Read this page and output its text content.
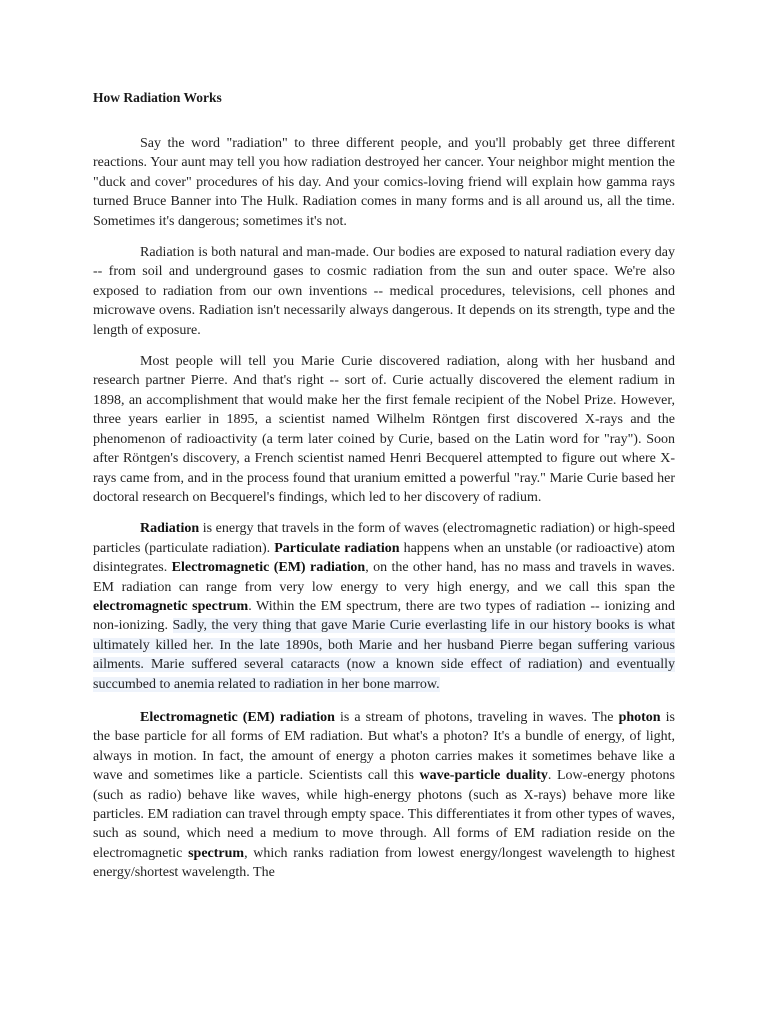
How Radiation Works

Say the word "radiation" to three different people, and you'll probably get three different reactions. Your aunt may tell you how radiation destroyed her cancer. Your neighbor might mention the "duck and cover" procedures of his day. And your comics-loving friend will explain how gamma rays turned Bruce Banner into The Hulk. Radiation comes in many forms and is all around us, all the time. Sometimes it's dangerous; sometimes it's not.

Radiation is both natural and man-made. Our bodies are exposed to natural radiation every day -- from soil and underground gases to cosmic radiation from the sun and outer space. We're also exposed to radiation from our own inventions -- medical procedures, televisions, cell phones and microwave ovens. Radiation isn't necessarily always dangerous. It depends on its strength, type and the length of exposure.

Most people will tell you Marie Curie discovered radiation, along with her husband and research partner Pierre. And that's right -- sort of. Curie actually discovered the element radium in 1898, an accomplishment that would make her the first female recipient of the Nobel Prize. However, three years earlier in 1895, a scientist named Wilhelm Röntgen first discovered X-rays and the phenomenon of radioactivity (a term later coined by Curie, based on the Latin word for "ray"). Soon after Röntgen's discovery, a French scientist named Henri Becquerel attempted to figure out where X-rays came from, and in the process found that uranium emitted a powerful "ray." Marie Curie based her doctoral research on Becquerel's findings, which led to her discovery of radium.

Radiation is energy that travels in the form of waves (electromagnetic radiation) or high-speed particles (particulate radiation). Particulate radiation happens when an unstable (or radioactive) atom disintegrates. Electromagnetic (EM) radiation, on the other hand, has no mass and travels in waves. EM radiation can range from very low energy to very high energy, and we call this span the electromagnetic spectrum. Within the EM spectrum, there are two types of radiation -- ionizing and non-ionizing. Sadly, the very thing that gave Marie Curie everlasting life in our history books is what ultimately killed her. In the late 1890s, both Marie and her husband Pierre began suffering various ailments. Marie suffered several cataracts (now a known side effect of radiation) and eventually succumbed to anemia related to radiation in her bone marrow.

Electromagnetic (EM) radiation is a stream of photons, traveling in waves. The photon is the base particle for all forms of EM radiation. But what's a photon? It's a bundle of energy, of light, always in motion. In fact, the amount of energy a photon carries makes it sometimes behave like a wave and sometimes like a particle. Scientists call this wave-particle duality. Low-energy photons (such as radio) behave like waves, while high-energy photons (such as X-rays) behave more like particles. EM radiation can travel through empty space. This differentiates it from other types of waves, such as sound, which need a medium to move through. All forms of EM radiation reside on the electromagnetic spectrum, which ranks radiation from lowest energy/longest wavelength to highest energy/shortest wavelength. The
